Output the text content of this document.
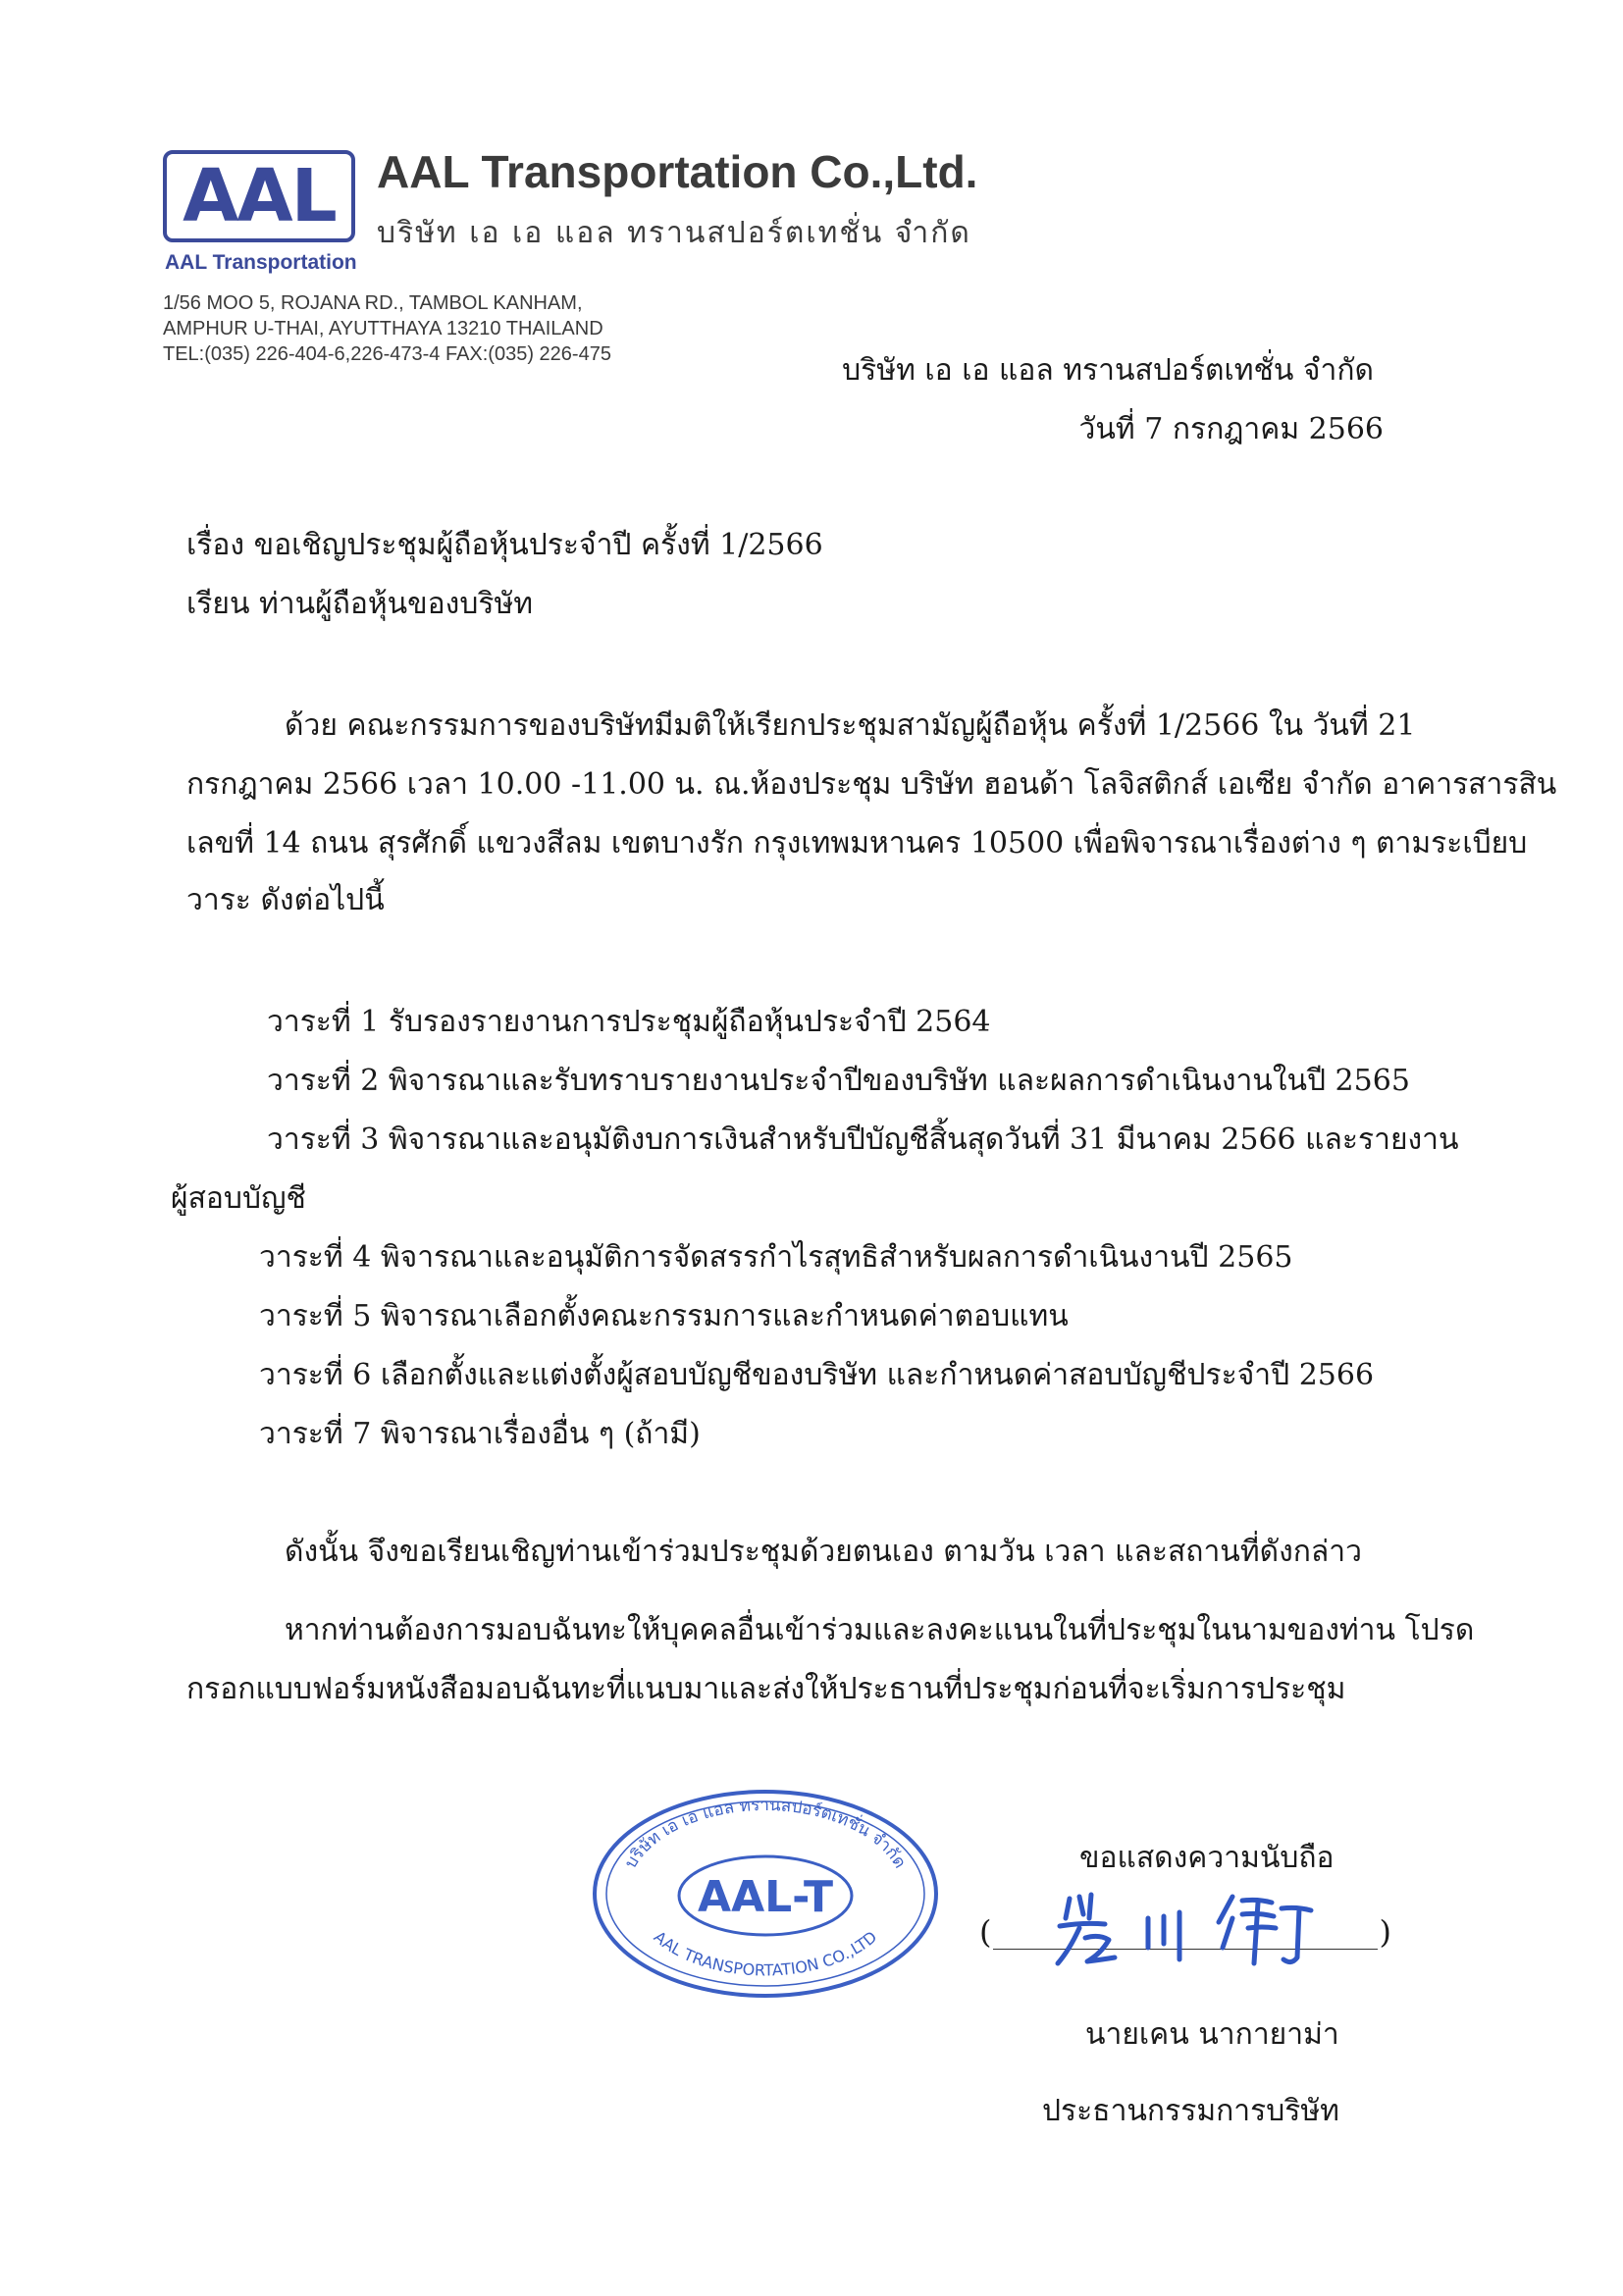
AAL
AAL Transportation
AAL Transportation Co.,Ltd.
บริษัท เอ เอ แอล ทรานสปอร์ตเทชั่น จำกัด
1/56 MOO 5, ROJANA RD., TAMBOL KANHAM,
AMPHUR U-THAI, AYUTTHAYA 13210 THAILAND
TEL:(035) 226-404-6,226-473-4 FAX:(035) 226-475	บริษัท เอ เอ แอล ทรานสปอร์ตเทชั่น จำกัด
วันที่ 7 กรกฎาคม 2566
เรื่อง ขอเชิญประชุมผู้ถือหุ้นประจำปี ครั้งที่ 1/2566
เรียน ท่านผู้ถือหุ้นของบริษัท
ด้วย คณะกรรมการของบริษัทมีมติให้เรียกประชุมสามัญผู้ถือหุ้น ครั้งที่ 1/2566 ใน วันที่ 21
กรกฎาคม 2566 เวลา 10.00 -11.00 น. ณ.ห้องประชุม บริษัท ฮอนด้า โลจิสติกส์ เอเซีย จำกัด อาคารสารสิน
เลขที่ 14 ถนน สุรศักดิ์ แขวงสีลม เขตบางรัก กรุงเทพมหานคร 10500 เพื่อพิจารณาเรื่องต่าง ๆ ตามระเบียบ
วาระ ดังต่อไปนี้
วาระที่ 1 รับรองรายงานการประชุมผู้ถือหุ้นประจำปี 2564
วาระที่ 2 พิจารณาและรับทราบรายงานประจำปีของบริษัท และผลการดำเนินงานในปี 2565
วาระที่ 3 พิจารณาและอนุมัติงบการเงินสำหรับปีบัญชีสิ้นสุดวันที่ 31 มีนาคม 2566 และรายงาน
ผู้สอบบัญชี
วาระที่ 4 พิจารณาและอนุมัติการจัดสรรกำไรสุทธิสำหรับผลการดำเนินงานปี 2565
วาระที่ 5 พิจารณาเลือกตั้งคณะกรรมการและกำหนดค่าตอบแทน
วาระที่ 6 เลือกตั้งและแต่งตั้งผู้สอบบัญชีของบริษัท และกำหนดค่าสอบบัญชีประจำปี 2566
วาระที่ 7 พิจารณาเรื่องอื่น ๆ (ถ้ามี)
ดังนั้น จึงขอเรียนเชิญท่านเข้าร่วมประชุมด้วยตนเอง ตามวัน เวลา และสถานที่ดังกล่าว
หากท่านต้องการมอบฉันทะให้บุคคลอื่นเข้าร่วมและลงคะแนนในที่ประชุมในนามของท่าน โปรด
กรอกแบบฟอร์มหนังสือมอบฉันทะที่แนบมาและส่งให้ประธานที่ประชุมก่อนที่จะเริ่มการประชุม
บริษัท เอ เอ แอล ทรานสปอร์ตเทชั่น จำกัด
AAL-T
AAL TRANSPORTATION CO.,LTD
ขอแสดงความนับถือ
(	)
นายเคน นากายาม่า
ประธานกรรมการบริษัท
